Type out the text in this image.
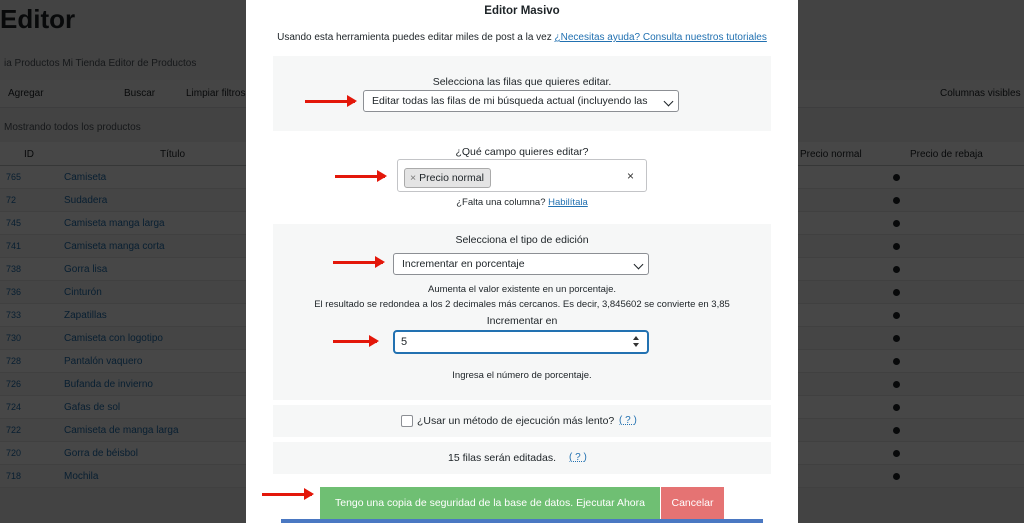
Editor Masivo
Usando esta herramienta puedes editar miles de post a la vez ¿Necesitas ayuda? Consulta nuestros tutoriales
Selecciona las filas que quieres editar.
Editar todas las filas de mi búsqueda actual (incluyendo las
¿Qué campo quieres editar?
× Precio normal	×
¿Falta una columna? Habilítala
Selecciona el tipo de edición
Incrementar en porcentaje
Aumenta el valor existente en un porcentaje.
El resultado se redondea a los 2 decimales más cercanos. Es decir, 3,845602 se convierte en 3,85
Incrementar en
5
Ingresa el número de porcentaje.
¿Usar un método de ejecución más lento? ( ? )
15 filas serán editadas. ( ? )
Tengo una copia de seguridad de la base de datos. Ejecutar Ahora	Cancelar
